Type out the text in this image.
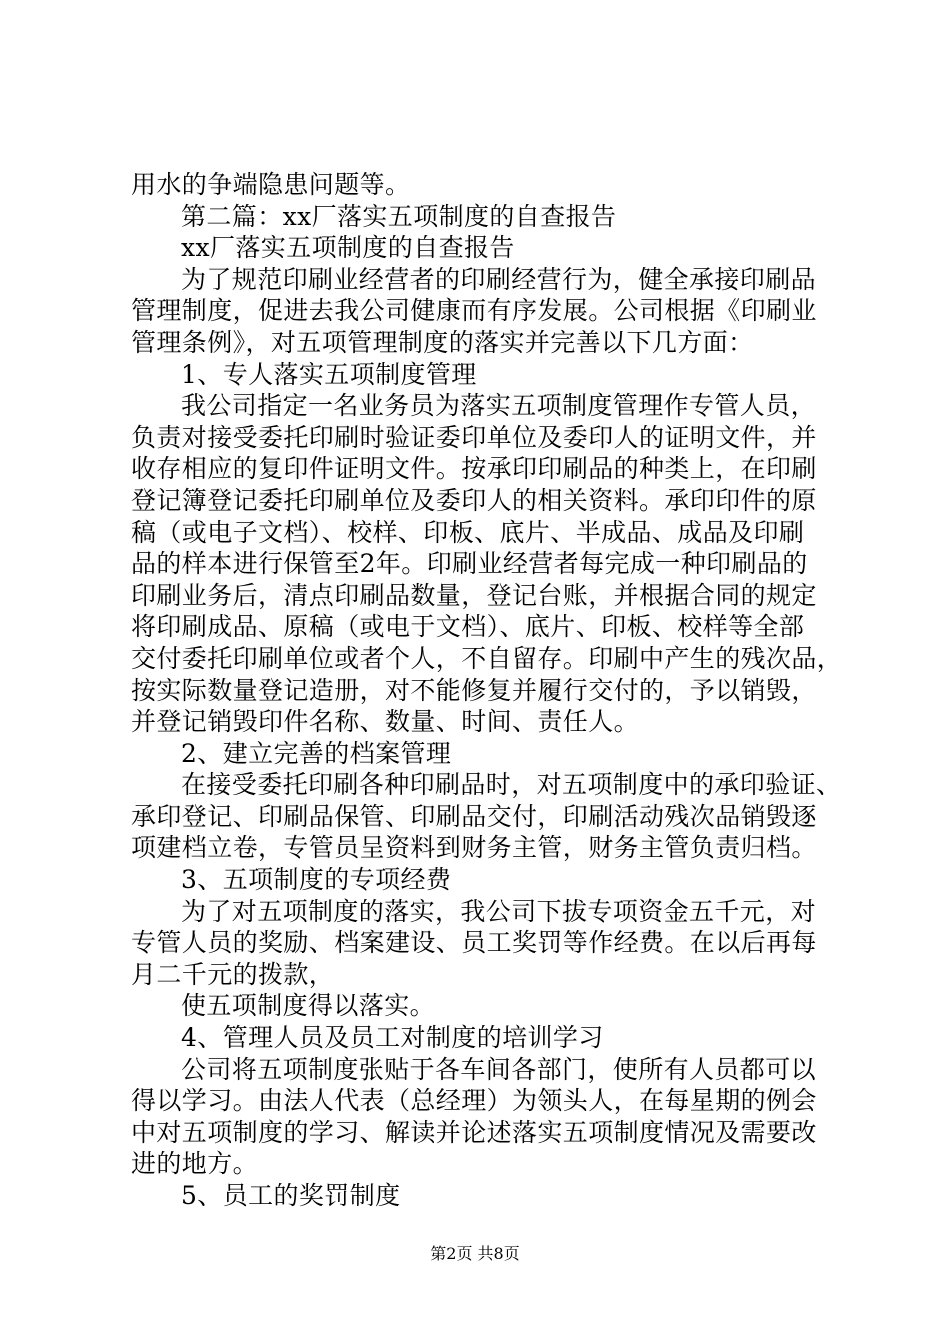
用水的争端隐患问题等。
第二篇：xx厂落实五项制度的自查报告
xx厂落实五项制度的自查报告
为了规范印刷业经营者的印刷经营行为，健全承接印刷品
管理制度，促进去我公司健康而有序发展。公司根据《印刷业
管理条例》，对五项管理制度的落实并完善以下几方面：
1、专人落实五项制度管理
我公司指定一名业务员为落实五项制度管理作专管人员，
负责对接受委托印刷时验证委印单位及委印人的证明文件，并
收存相应的复印件证明文件。按承印印刷品的种类上，在印刷
登记簿登记委托印刷单位及委印人的相关资料。承印印件的原
稿（或电子文档）、校样、印板、底片、半成品、成品及印刷
品的样本进行保管至2年。印刷业经营者每完成一种印刷品的
印刷业务后，清点印刷品数量，登记台账，并根据合同的规定
将印刷成品、原稿（或电于文档）、底片、印板、校样等全部
交付委托印刷单位或者个人，不自留存。印刷中产生的残次品，
按实际数量登记造册，对不能修复并履行交付的，予以销毁，
并登记销毁印件名称、数量、时间、责任人。
2、建立完善的档案管理
在接受委托印刷各种印刷品时，对五项制度中的承印验证、
承印登记、印刷品保管、印刷品交付，印刷活动残次品销毁逐
项建档立卷，专管员呈资料到财务主管，财务主管负责归档。
3、五项制度的专项经费
为了对五项制度的落实，我公司下拔专项资金五千元，对
专管人员的奖励、档案建设、员工奖罚等作经费。在以后再每
月二千元的拨款，
使五项制度得以落实。
4、管理人员及员工对制度的培训学习
公司将五项制度张贴于各车间各部门，使所有人员都可以
得以学习。由法人代表（总经理）为领头人，在每星期的例会
中对五项制度的学习、解读并论述落实五项制度情况及需要改
进的地方。
5、员工的奖罚制度
第2页 共8页
